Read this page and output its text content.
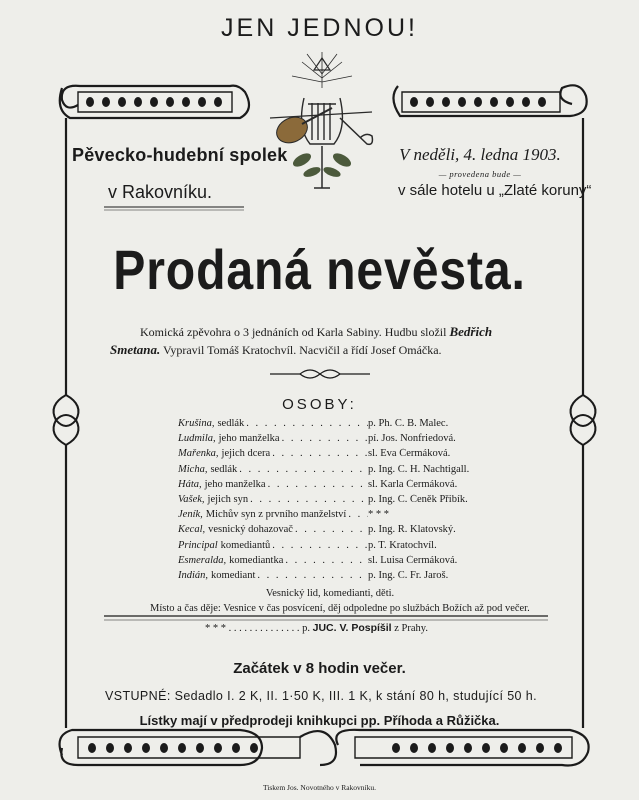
JEN JEDNOU!
Pěvecko-hudební spolek
v Rakovníku.
V neděli, 4. ledna 1903.
— provedena bude —
v sále hotelu u „Zlaté koruny“
Prodaná nevěsta.
Komická zpěvohra o 3 jednáních od Karla Sabiny. Hudbu složil Bedřich
Smetana. Vypravil Tomáš Kratochvíl. Nacvičil a řídí Josef Omáčka.
OSOBY:
Krušina, sedlák . . .	p. Ph. C. B. Malec.
Ludmila, jeho manželka . . .	pí. Jos. Nonfriedová.
Mařenka, jejich dcera . . .	sl. Eva Čermáková.
Micha, sedlák . . .	p. Ing. C. H. Nachtigall.
Háta, jeho manželka . . .	sl. Karla Čermáková.
Vašek, jejich syn . . .	p. Ing. C. Čeněk Přibík.
Jeník, Michův syn z prvního manželství . . . * * *
Kecal, vesnický dohazovač . . .	p. Ing. R. Klatovský.
Principal komediantů . . .	p. T. Kratochvíl.
Esmeralda, komediantka . . .	sl. Luisa Čermáková.
Indián, komediant . . .	p. Ing. C. Fr. Jaroš.
Vesnický lid, komedianti, děti.
Místo a čas děje: Vesnice v čas posvícení, děj odpoledne po službách Božích až pod večer.
* * * . . . . . . . . . . . . . . p. JUC. V. Pospíšil z Prahy.
Začátek v 8 hodin večer.
VSTUPNÉ: Sedadlo I. 2 K, II. 1·50 K, III. 1 K, k stání 80 h, studující 50 h.
Lístky mají v předprodeji knihkupci pp. Příhoda a Růžička.
Tiskem Jos. Novotného v Rakovníku.
